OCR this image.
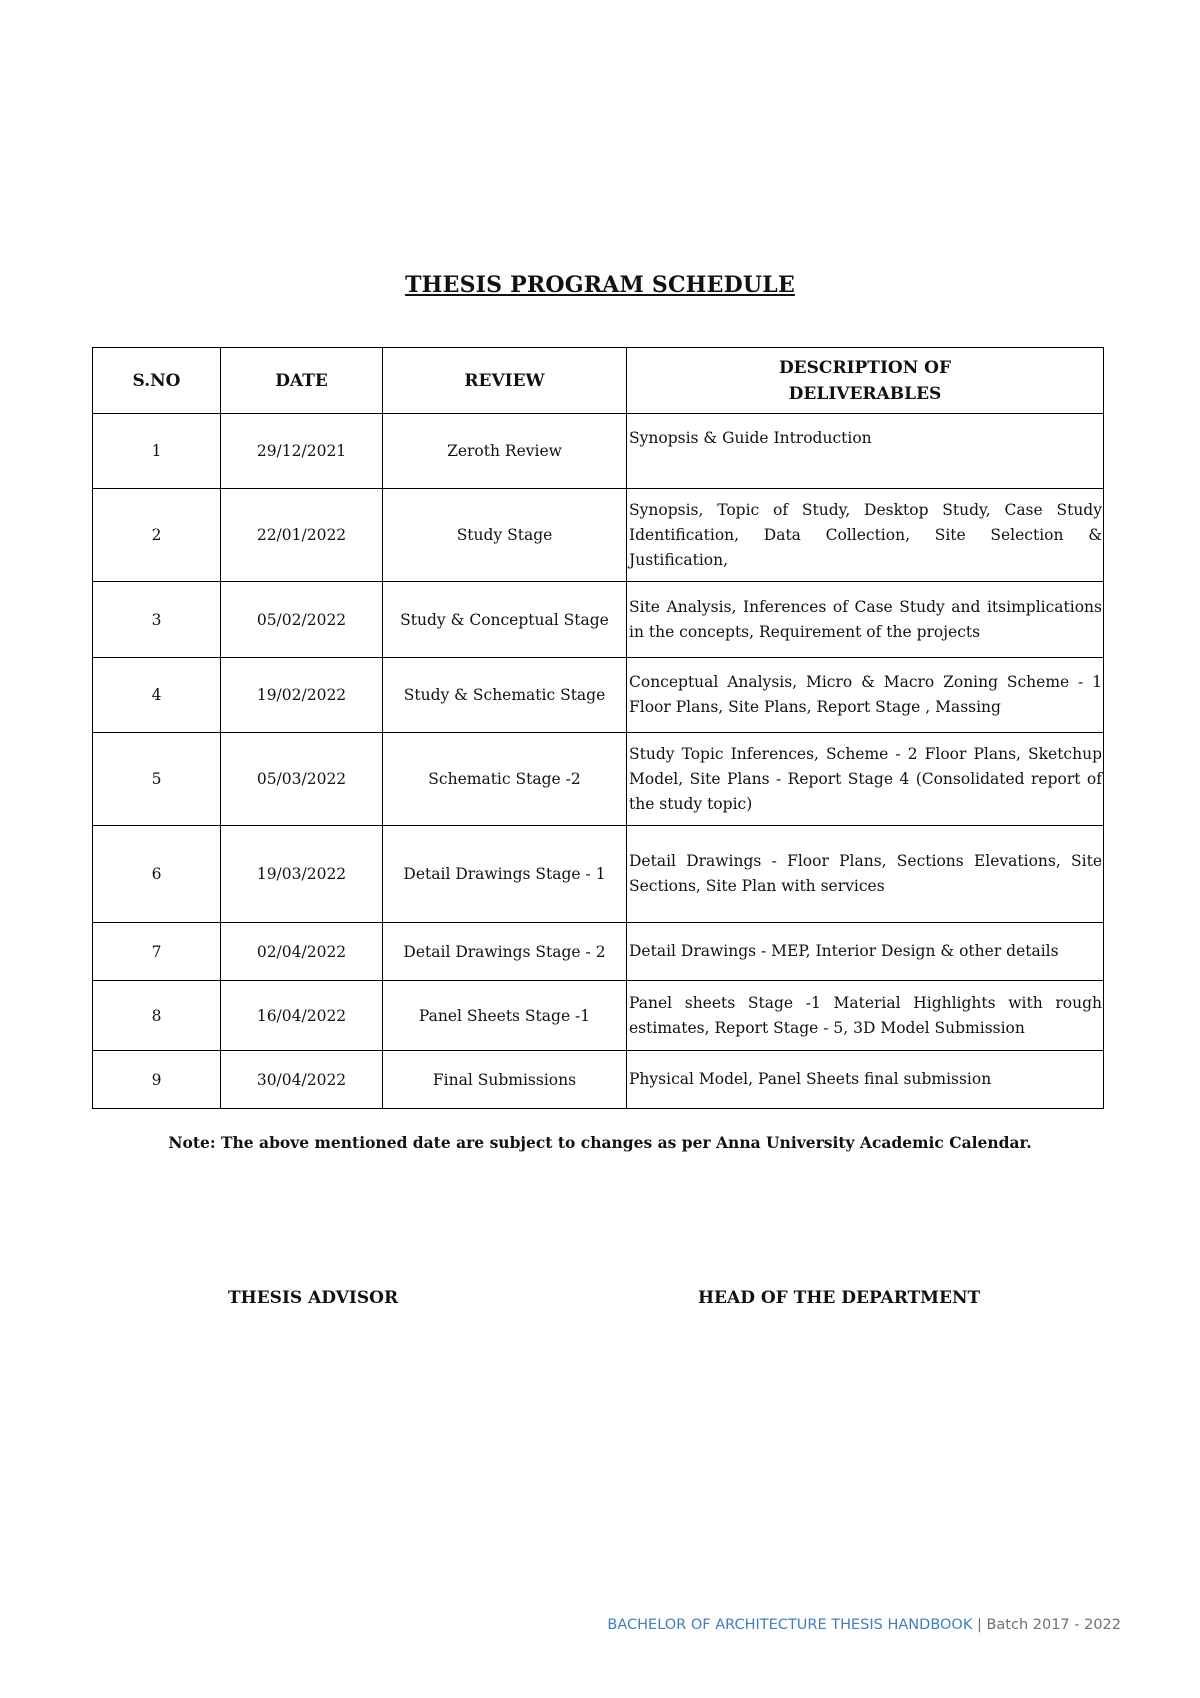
THESIS PROGRAM SCHEDULE
S.NO	DATE	REVIEW	DESCRIPTION OF DELIVERABLES
1	29/12/2021	Zeroth Review	Synopsis & Guide Introduction
2	22/01/2022	Study Stage	Synopsis, Topic of Study, Desktop Study, Case Study Identification, Data Collection, Site Selection & Justification,
3	05/02/2022	Study & Conceptual Stage	Site Analysis, Inferences of Case Study and itsimplications in the concepts, Requirement of the projects
4	19/02/2022	Study & Schematic Stage	Conceptual Analysis, Micro & Macro Zoning Scheme - 1 Floor Plans, Site Plans, Report Stage , Massing
5	05/03/2022	Schematic Stage -2	Study Topic Inferences, Scheme - 2 Floor Plans, Sketchup Model, Site Plans - Report Stage 4 (Consolidated report of the study topic)
6	19/03/2022	Detail Drawings Stage - 1	Detail Drawings - Floor Plans, Sections Elevations, Site Sections, Site Plan with services
7	02/04/2022	Detail Drawings Stage - 2	Detail Drawings - MEP, Interior Design & other details
8	16/04/2022	Panel Sheets Stage -1	Panel sheets Stage -1 Material Highlights with rough estimates, Report Stage - 5, 3D Model Submission
9	30/04/2022	Final Submissions	Physical Model, Panel Sheets final submission
Note: The above mentioned date are subject to changes as per Anna University Academic Calendar.
THESIS ADVISOR	HEAD OF THE DEPARTMENT
BACHELOR OF ARCHITECTURE THESIS HANDBOOK | Batch 2017 - 2022
